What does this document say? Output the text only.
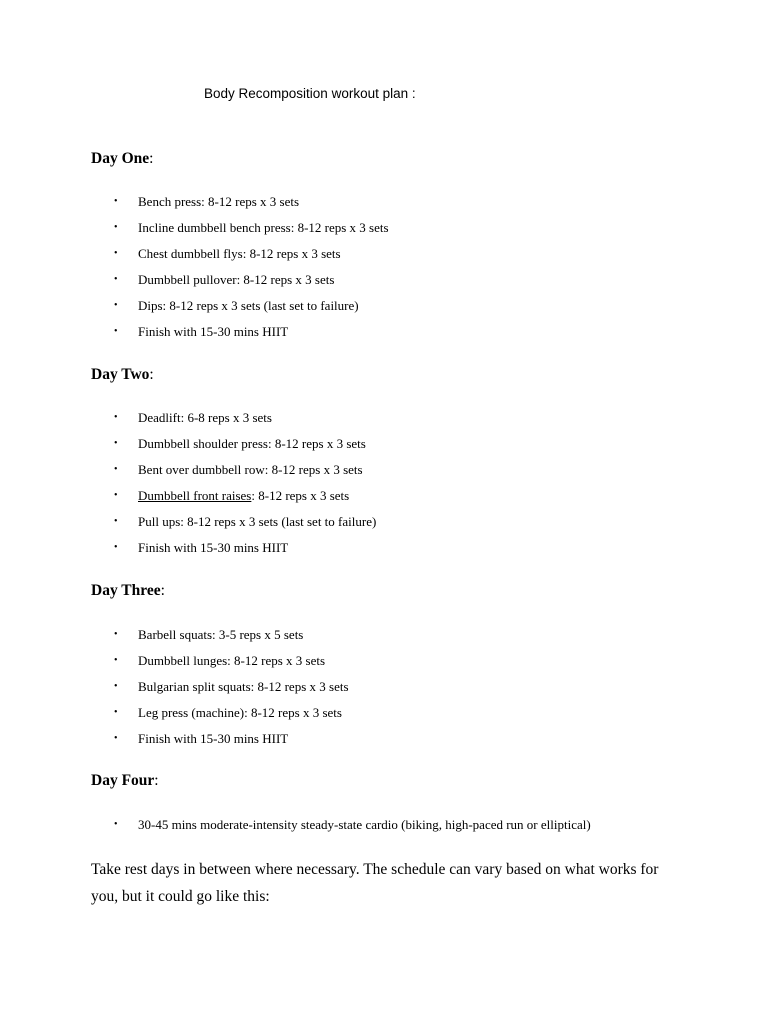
Body Recomposition workout plan :
Day One:
• Bench press: 8-12 reps x 3 sets
• Incline dumbbell bench press: 8-12 reps x 3 sets
• Chest dumbbell flys: 8-12 reps x 3 sets
• Dumbbell pullover: 8-12 reps x 3 sets
• Dips: 8-12 reps x 3 sets (last set to failure)
• Finish with 15-30 mins HIIT
Day Two:
• Deadlift: 6-8 reps x 3 sets
• Dumbbell shoulder press: 8-12 reps x 3 sets
• Bent over dumbbell row: 8-12 reps x 3 sets
• Dumbbell front raises: 8-12 reps x 3 sets
• Pull ups: 8-12 reps x 3 sets (last set to failure)
• Finish with 15-30 mins HIIT
Day Three:
• Barbell squats: 3-5 reps x 5 sets
• Dumbbell lunges: 8-12 reps x 3 sets
• Bulgarian split squats: 8-12 reps x 3 sets
• Leg press (machine): 8-12 reps x 3 sets
• Finish with 15-30 mins HIIT
Day Four:
• 30-45 mins moderate-intensity steady-state cardio (biking, high-paced run or elliptical)

Take rest days in between where necessary. The schedule can vary based on what works for you, but it could go like this:
